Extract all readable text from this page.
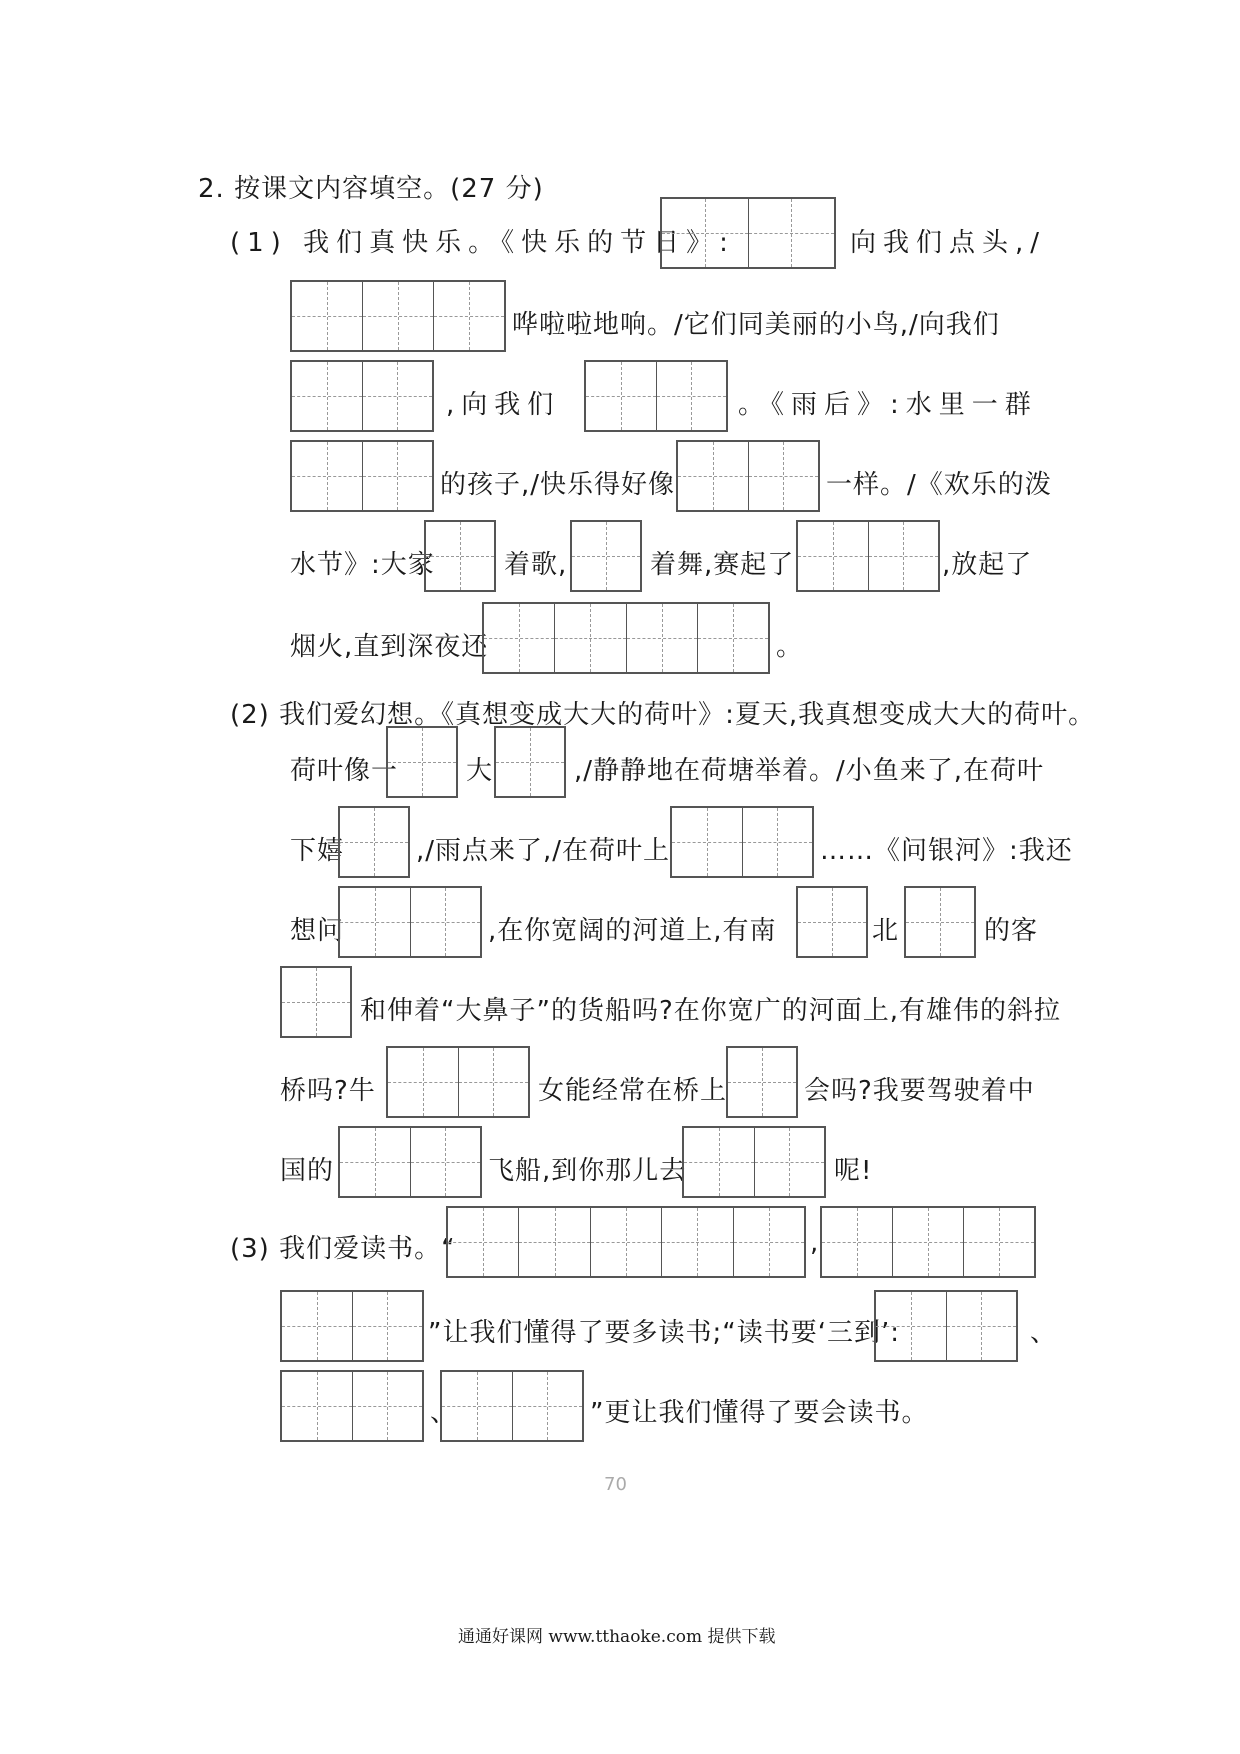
2. 按课文内容填空。(27 分)
(1) 我们真快乐。《快乐的节日》:	向我们点头,/
哗啦啦地响。/它们同美丽的小鸟,/向我们
,向我们	。《雨后》:水里一群
的孩子,/快乐得好像	一样。/《欢乐的泼
水节》:大家	着歌,	着舞,赛起了	,放起了
烟火,直到深夜还	。
(2) 我们爱幻想。《真想变成大大的荷叶》:夏天,我真想变成大大的荷叶。
荷叶像一	大	,/静静地在荷塘举着。/小鱼来了,在荷叶
下嬉	,/雨点来了,/在荷叶上	……《问银河》:我还
想问	,在你宽阔的河道上,有南	北	的客
和伸着“大鼻子”的货船吗?在你宽广的河面上,有雄伟的斜拉
桥吗?牛	女能经常在桥上	会吗?我要驾驶着中
国的	飞船,到你那儿去	呢!
(3) 我们爱读书。“	,
”让我们懂得了要多读书;“读书要‘三到’:	、
、	”更让我们懂得了要会读书。
70
通通好课网 www.tthaoke.com 提供下载
